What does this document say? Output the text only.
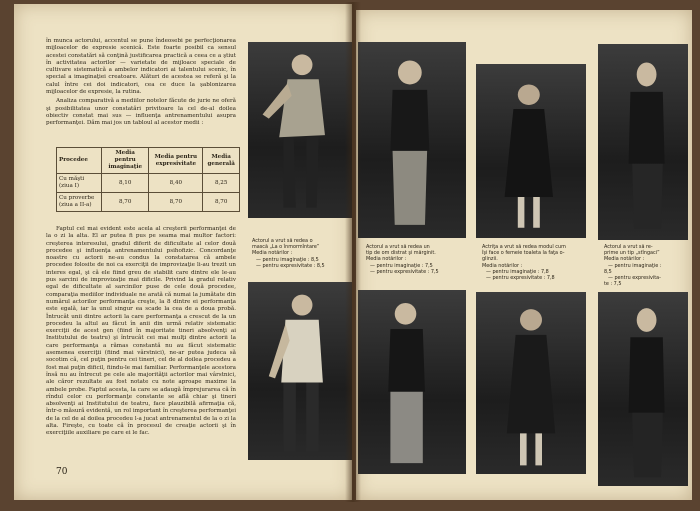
în munca actorului, accentul se pune îndeosebi pe perfecţionarea mijloacelor de expresie scenică. Este foarte posibil ca sensul acestei constatări să conţină justificarea practică a ceea ce a ştiut în activitatea actorilor — varietate de mijloace speciale de cultivare sistematică a ambelor indicatori ai talentului scenic, în special a imaginaţiei creatoare. Alături de acestea se referă şi la calul între cei doi indicatori, cea ce duce la şablonizarea mijloacelor de expresie, la rutina.

Analiza comparativă a mediilor notelor făcute de jurie ne oferă şi posibilitatea unor constatări privitoare la cel de-al doilea obiectiv constat mai sus — influenţa antrenamentului asupra performanţei. Dăm mai jos un tabloul al acestor medii :

Procedee	Media pentru imaginaţie	Media pentru expresivitate	Media generală
Cu măşti
(ziua I)	8,10	8,40	8,25
Cu proverbe
(ziua a II-a)	8,70	8,70	8,70

Faptul cel mai evident este acela al creşterii performanţei de la o zi la alta. El ar putea fi pus pe seama mai multor factori: creşterea interesului, gradul diferit de dificultate al celor două procedee şi influenţa antrenamentului psihofizic. Concordanţe noastre cu actorii ne-au condus la constatarea că ambele procedee folosite de noi ca exerciţii de improvizaţie li-au trezit un interes egal, şi că ele fiind greu de stabilit care dintre ele le-au pus sarcini de improvizaţie mai dificile. Privind la gradul relativ egal de dificultate al sarcinilor puse de cele două procedee, comparaţia mediilor individuale ne arată că numai la jumătate din numărul actorilor performanţa creşte, la 8 dintre ei performanţa este egală, iar la unul singur ea scade la cea de a doua probă. Întrucât unii dintre actorii la care performanţa a crescut de la un procedeu la altul au făcut în anii din urmă relativ sistematic exerciţii de acest gen (fiind în majoritate tineri absolvenţi ai Institutului de teatru) şi întrucât cei mai mulţi dintre actorii la care performanţa a rămas constantă nu au făcut sistematic asemenea exerciţii (fiind mai vârstnici), ne-ar putea judeca să socotim că, cel puţin pentru cei tineri, cel de al doilea procedeu a fost mai puţin dificil, fiindu-le mai familiar. Performanţele acestora însă nu au întrecut pe cele ale majorităţii actorilor mai vârstnici, ale căror rezultate au fost notate cu note aproape maxime la ambele probe. Faptul acesta, la care se adaugă împrejurarea că în rîndul celor cu performanţe constante se află chiar şi tineri absolvenţi ai Institutului de teatru, face plauzibilă afirmaţia că, într-o măsură evidentă, un rol important în creşterea performanţei de la cel de al doilea procedeu l-a jucat antrenamentul de la o zi la alta. Fireşte, cu toate că în procesul de creaţie actorii şi în exerciţiile auxiliare pe care ei le fac.

70
Actorul a vrut să redea o
mască „La o înmormîntare”
Media notărilor :
— pentru imaginaţie : 8,5
— pentru expresivitate : 8,5
Actorul a vrut să redea un
tip de om distrat şi mărginit.
Media notărilor :
— pentru imaginaţie : 7,5
— pentru expresivitate : 7,5
Actriţa a vrut să redea modul cum
îşi face o femeie toaleta la faţa o-
glinzii.
Media notărilor :
— pentru imaginaţie : 7,8
— pentru expresivitate : 7,8
Actorul a vrut să re-
prime un tip „stîngaci”
Media notărilor :
— pentru imaginaţie :
8,5
— pentru expresivita-
te : 7,5
